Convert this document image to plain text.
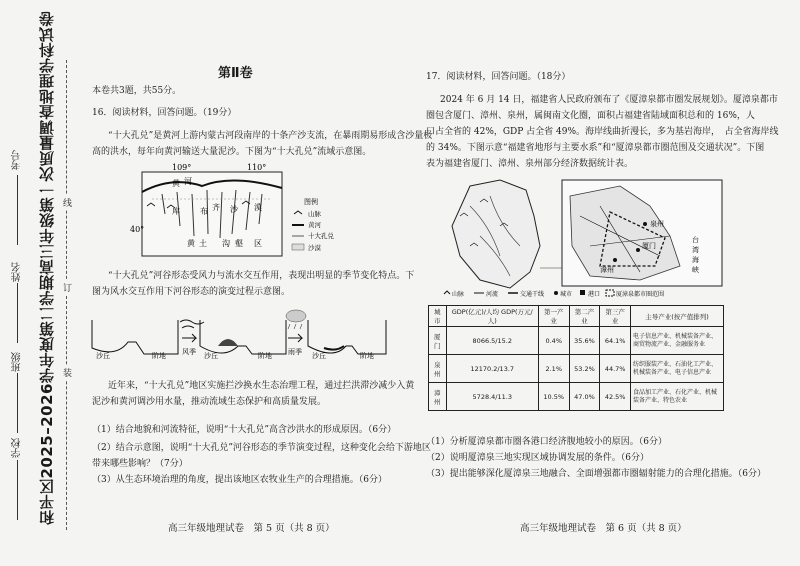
和平区2025–2026学年度第二学期高三年级第一次质量调查地理学科试卷
考号
姓名
班级
学校
线
订
装
第Ⅱ卷
本卷共3题，共55分。
16．阅读材料，回答问题。（19分）
“十大孔兑”是黄河上游内蒙古河段南岸的十条产沙支流，在暴雨期易形成含沙量极
高的洪水，每年向黄河输送大量泥沙。下图为“十大孔兑”流域示意图。
109°	110°
40°
黄 河
库	布 齐 沙 漠
黄 土 沟 壑 区
图例
山脉
黄河
十大孔兑
沙漠
“十大孔兑”河谷形态受风力与流水交互作用，表现出明显的季节变化特点。下
图为风水交互作用下河谷形态的演变过程示意图。
沙丘	阶地 风季 沙丘	阶地 雨季 沙丘	阶地
近年来，“十大孔兑”地区实施拦沙换水生态治理工程，通过拦洪滞沙减少入黄
泥沙和黄河调沙用水量，推动流域生态保护和高质量发展。
（1）结合地貌和河流特征，说明“十大孔兑”高含沙洪水的形成原因。（6分）
（2）结合示意图，说明“十大孔兑”河谷形态的季节演变过程，这种变化会给下游地区
带来哪些影响？（7分）
（3）从生态环境治理的角度，提出该地区农牧业生产的合理措施。（6分）
高三年级地理试卷　第 5 页（共 8 页）
17．阅读材料，回答问题。（18分）
2024 年 6 月 14 日，福建省人民政府颁布了《厦漳泉都市圈发展规划》。厦漳泉都市
圈包含厦门、漳州、泉州，属闽南文化圈，面积占福建省陆域面积总和的 16%，人
口占全省的 42%，GDP 占全省 49%。海岸线曲折漫长，多为基岩海岸，　占全省海岸线
的 34%。下图示意“福建省地形与主要水系”和“厦漳泉都市圈范围及交通状况”。下图
表为福建省厦门、漳州、泉州部分经济数据统计表。
泉州
厦门
漳州
台
湾
海
峡
山脉	河流	交通干线	城市	港口	厦漳泉都市圈范围
城市	GDP(亿元)/人均 GDP(万元/人)	第一产业	第二产业	第三产业	主导产业(按产值排列)
厦门	8066.5/15.2	0.4%	35.6%	64.1%	电子信息产业、机械装备产业、商贸物流产业、金融服务业
泉州	12170.2/13.7	2.1%	53.2%	44.7%	纺织服装产业、石油化工产业、机械装备产业、电子信息产业
漳州	5728.4/11.3	10.5%	47.0%	42.5%	食品加工产业、石化产业、机械装备产业、特色农业
（1）分析厦漳泉都市圈各港口经济腹地较小的原因。（6分）
（2）说明厦漳泉三地实现区域协调发展的条件。（6分）
（3）提出能够深化厦漳泉三地融合、全面增强都市圈辐射能力的合理化措施。（6分）
高三年级地理试卷　第 6 页（共 8 页）
